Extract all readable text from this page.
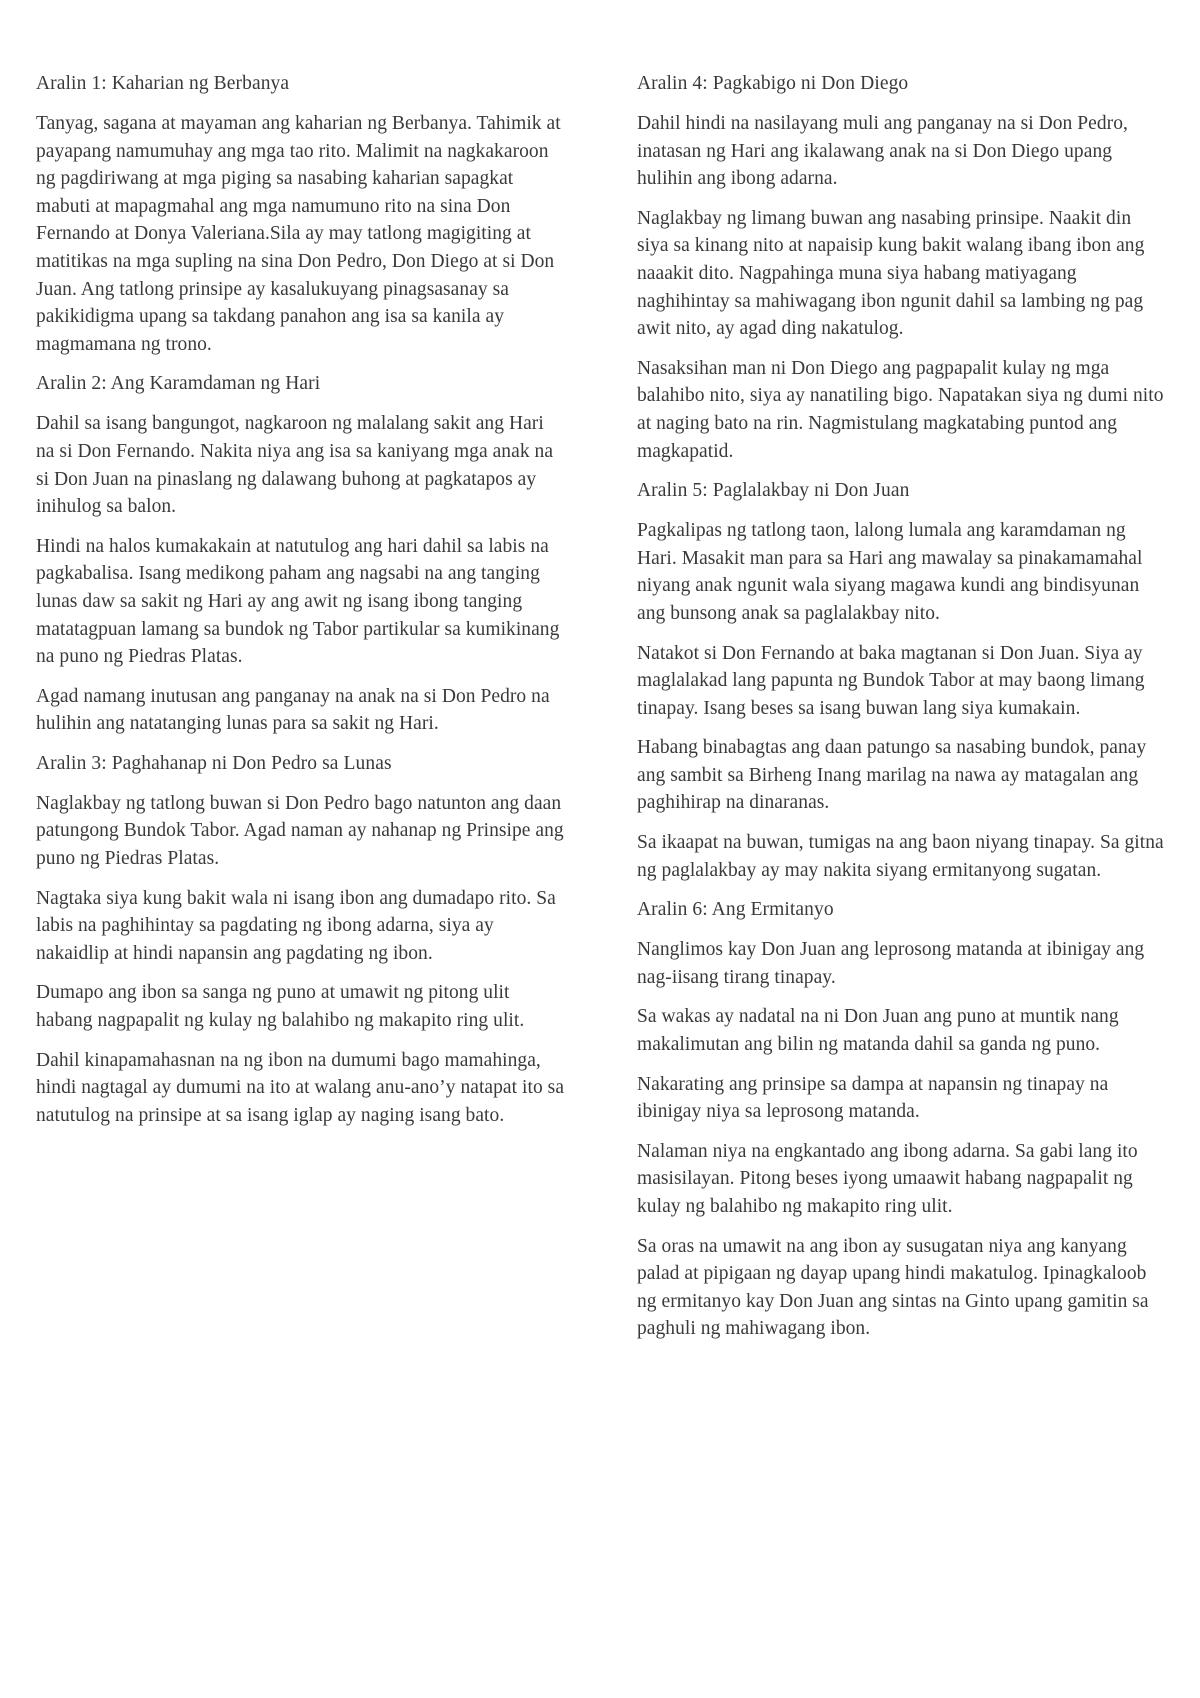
Aralin 1: Kaharian ng Berbanya

Tanyag, sagana at mayaman ang kaharian ng Berbanya. Tahimik at payapang namumuhay ang mga tao rito. Malimit na nagkakaroon ng pagdiriwang at mga piging sa nasabing kaharian sapagkat mabuti at mapagmahal ang mga namumuno rito na sina Don Fernando at Donya Valeriana.Sila ay may tatlong magigiting at matitikas na mga supling na sina Don Pedro, Don Diego at si Don Juan. Ang tatlong prinsipe ay kasalukuyang pinagsasanay sa pakikidigma upang sa takdang panahon ang isa sa kanila ay magmamana ng trono.

Aralin 2: Ang Karamdaman ng Hari

Dahil sa isang bangungot, nagkaroon ng malalang sakit ang Hari na si Don Fernando. Nakita niya ang isa sa kaniyang mga anak na si Don Juan na pinaslang ng dalawang buhong at pagkatapos ay inihulog sa balon.

Hindi na halos kumakakain at natutulog ang hari dahil sa labis na pagkabalisa. Isang medikong paham ang nagsabi na ang tanging lunas daw sa sakit ng Hari ay ang awit ng isang ibong tanging matatagpuan lamang sa bundok ng Tabor partikular sa kumikinang na puno ng Piedras Platas.

Agad namang inutusan ang panganay na anak na si Don Pedro na hulihin ang natatanging lunas para sa sakit ng Hari.

Aralin 3: Paghahanap ni Don Pedro sa Lunas

Naglakbay ng tatlong buwan si Don Pedro bago natunton ang daan patungong Bundok Tabor. Agad naman ay nahanap ng Prinsipe ang puno ng Piedras Platas.

Nagtaka siya kung bakit wala ni isang ibon ang dumadapo rito. Sa labis na paghihintay sa pagdating ng ibong adarna, siya ay nakaidlip at hindi napansin ang pagdating ng ibon.

Dumapo ang ibon sa sanga ng puno at umawit ng pitong ulit habang nagpapalit ng kulay ng balahibo ng makapito ring ulit.

Dahil kinapamahasnan na ng ibon na dumumi bago mamahinga, hindi nagtagal ay dumumi na ito at walang anu-ano’y natapat ito sa natutulog na prinsipe at sa isang iglap ay naging isang bato.

Aralin 4: Pagkabigo ni Don Diego

Dahil hindi na nasilayang muli ang panganay na si Don Pedro, inatasan ng Hari ang ikalawang anak na si Don Diego upang hulihin ang ibong adarna.

Naglakbay ng limang buwan ang nasabing prinsipe. Naakit din siya sa kinang nito at napaisip kung bakit walang ibang ibon ang naaakit dito. Nagpahinga muna siya habang matiyagang naghihintay sa mahiwagang ibon ngunit dahil sa lambing ng pag awit nito, ay agad ding nakatulog.

Nasaksihan man ni Don Diego ang pagpapalit kulay ng mga balahibo nito, siya ay nanatiling bigo. Napatakan siya ng dumi nito at naging bato na rin. Nagmistulang magkatabing puntod ang magkapatid.

Aralin 5: Paglalakbay ni Don Juan

Pagkalipas ng tatlong taon, lalong lumala ang karamdaman ng Hari. Masakit man para sa Hari ang mawalay sa pinakamamahal niyang anak ngunit wala siyang magawa kundi ang bindisyunan ang bunsong anak sa paglalakbay nito.

Natakot si Don Fernando at baka magtanan si Don Juan. Siya ay maglalakad lang papunta ng Bundok Tabor at may baong limang tinapay. Isang beses sa isang buwan lang siya kumakain.

Habang binabagtas ang daan patungo sa nasabing bundok, panay ang sambit sa Birheng Inang marilag na nawa ay matagalan ang paghihirap na dinaranas.

Sa ikaapat na buwan, tumigas na ang baon niyang tinapay. Sa gitna ng paglalakbay ay may nakita siyang ermitanyong sugatan.

Aralin 6: Ang Ermitanyo

Nanglimos kay Don Juan ang leprosong matanda at ibinigay ang nag-iisang tirang tinapay.

Sa wakas ay nadatal na ni Don Juan ang puno at muntik nang makalimutan ang bilin ng matanda dahil sa ganda ng puno.

Nakarating ang prinsipe sa dampa at napansin ng tinapay na ibinigay niya sa leprosong matanda.

Nalaman niya na engkantado ang ibong adarna. Sa gabi lang ito masisilayan. Pitong beses iyong umaawit habang nagpapalit ng kulay ng balahibo ng makapito ring ulit.

Sa oras na umawit na ang ibon ay susugatan niya ang kanyang palad at pipigaan ng dayap upang hindi makatulog. Ipinagkaloob ng ermitanyo kay Don Juan ang sintas na Ginto upang gamitin sa paghuli ng mahiwagang ibon.
